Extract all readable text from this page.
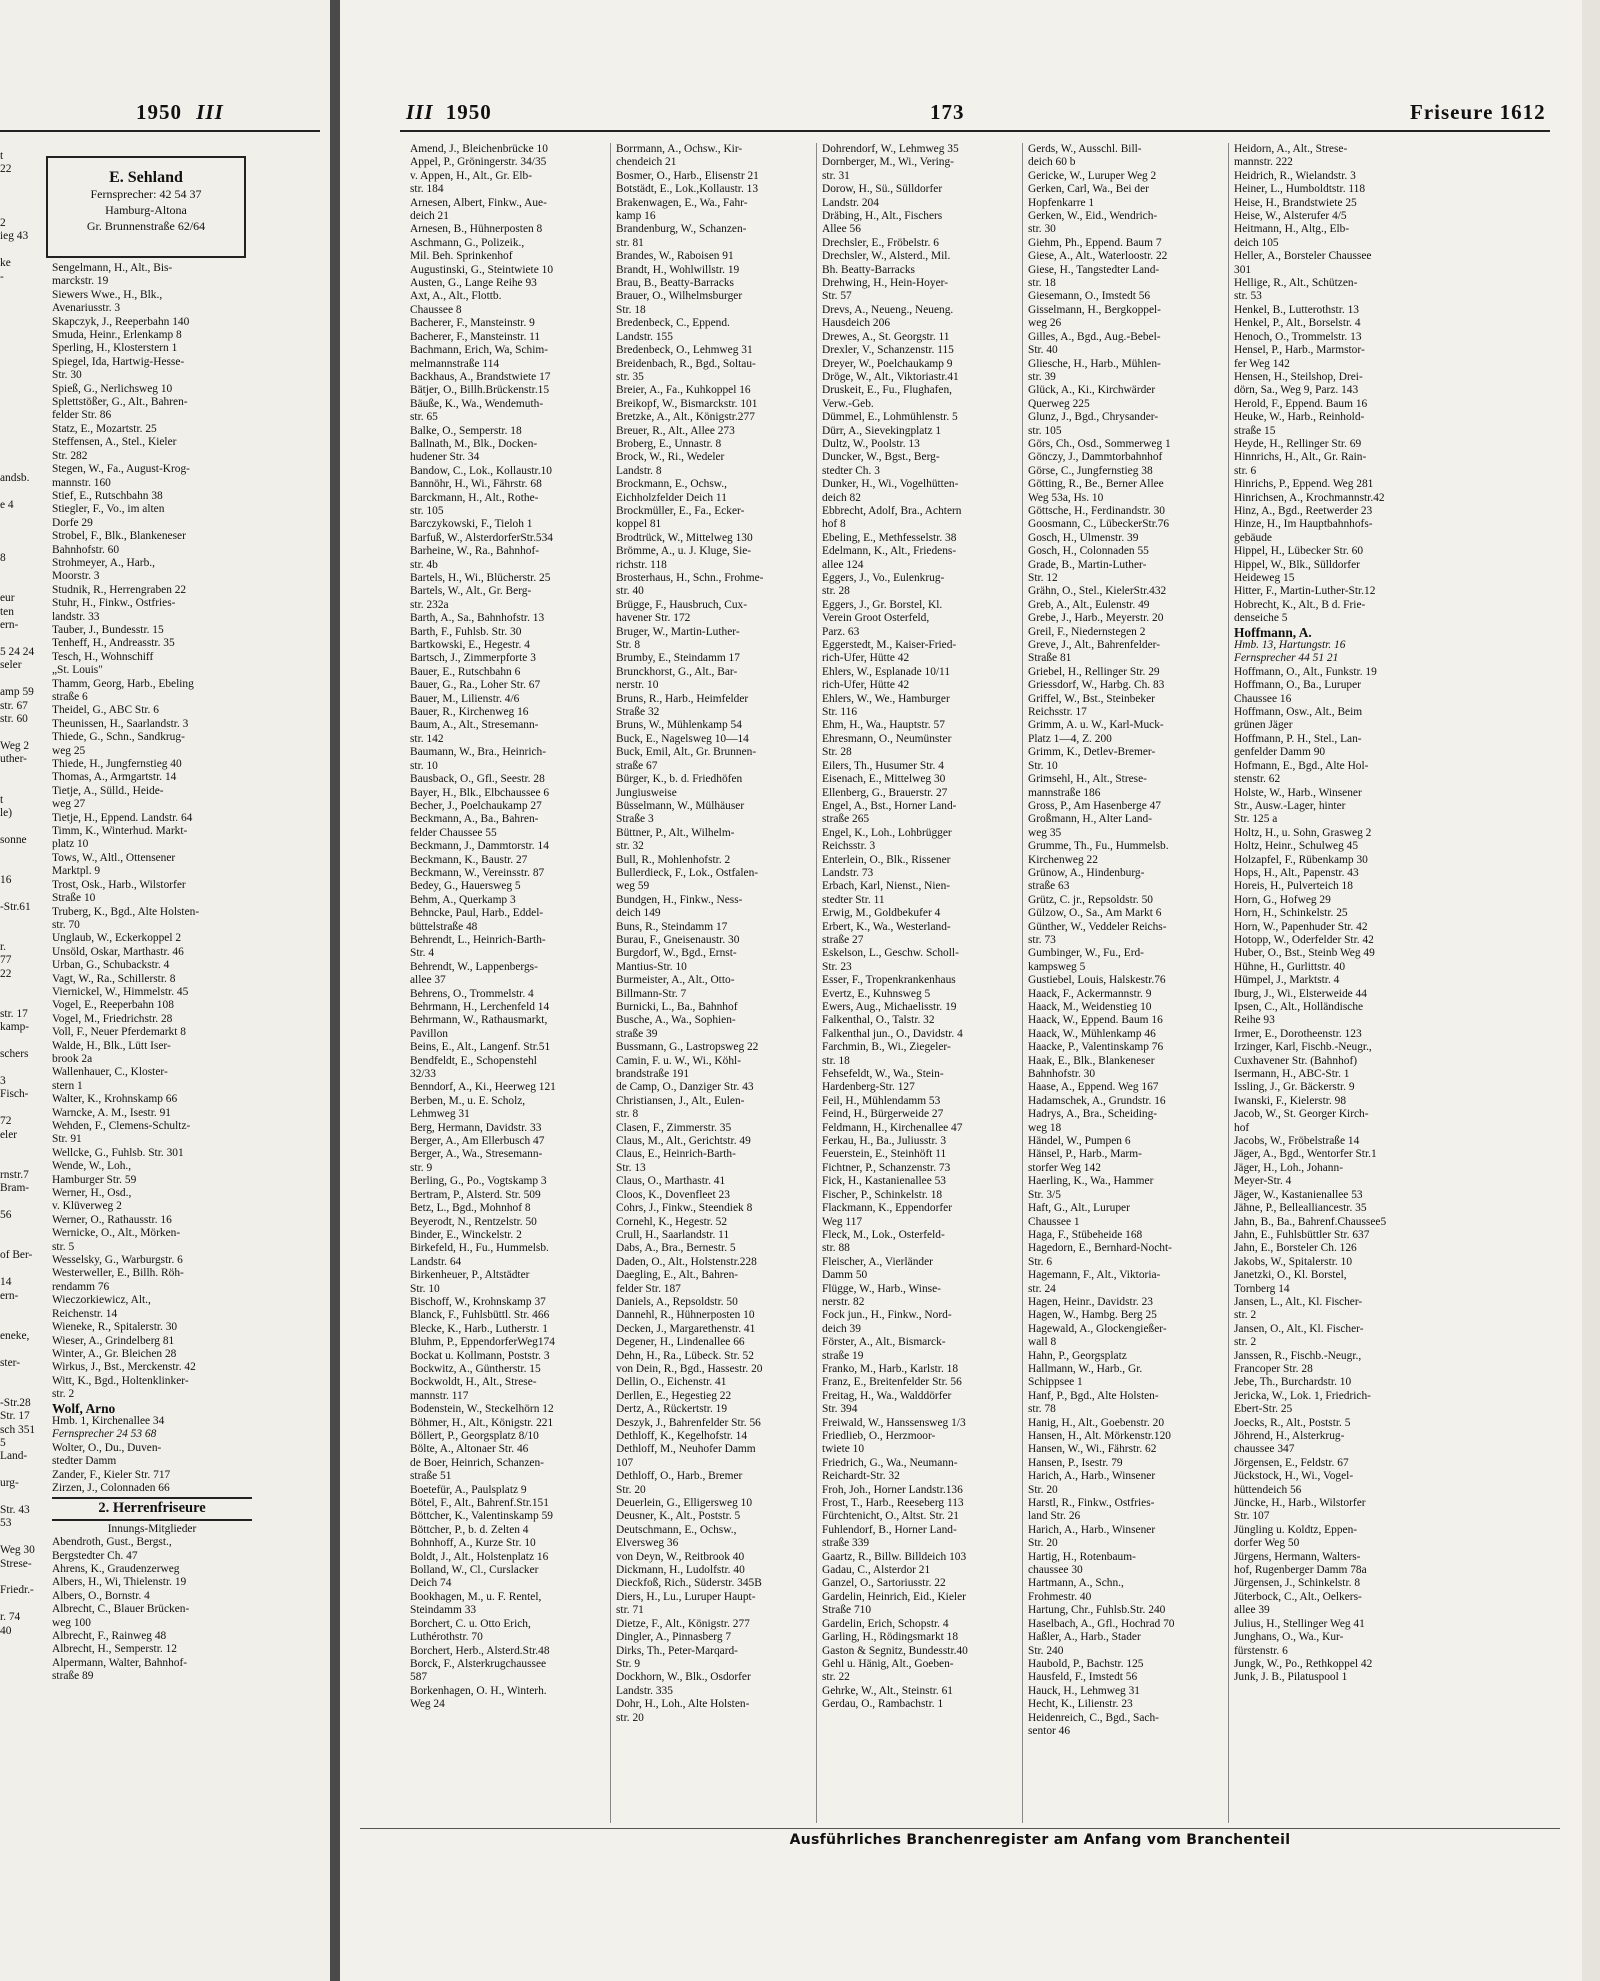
1950 III
t
22

2
ieg 43

ke
-

andsb.

e 4

8

eur
ten
ern-

5 24 24
seler

amp 59
str. 67
str. 60

Weg 2
uther-

t
le)

sonne

16

-Str.61

r.
77
22

str. 17
kamp-

schers

3
Fisch-

72
eler

rnstr.7
Bram-

56

of Ber-

14
ern-

eneke,

ster-

-Str.28
Str. 17
sch 351
5
Land-

urg-

Str. 43
53

Weg 30
Strese-

Friedr.-

r. 74
40
E. Sehland
Fernsprecher: 42 54 37
Hamburg-Altona
Gr. Brunnenstraße 62/64
Sengelmann, H., Alt., Bis-
marckstr. 19
Siewers Wwe., H., Blk.,
Avenariusstr. 3
Skapczyk, J., Reeperbahn 140
Smuda, Heinr., Erlenkamp 8
Sperling, H., Klosterstern 1
Spiegel, Ida, Hartwig-Hesse-
Str. 30
Spieß, G., Nerlichsweg 10
Splettstößer, G., Alt., Bahren-
felder Str. 86
Statz, E., Mozartstr. 25
Steffensen, A., Stel., Kieler
Str. 282
Stegen, W., Fa., August-Krog-
mannstr. 160
Stief, E., Rutschbahn 38
Stiegler, F., Vo., im alten
Dorfe 29
Strobel, F., Blk., Blankeneser
Bahnhofstr. 60
Strohmeyer, A., Harb.,
Moorstr. 3
Studnik, R., Herrengraben 22
Stuhr, H., Finkw., Ostfries-
landstr. 33
Tauber, J., Bundesstr. 15
Tenheff, H., Andreasstr. 35
Tesch, H., Wohnschiff
„St. Louis"
Thamm, Georg, Harb., Ebeling
straße 6
Theidel, G., ABC Str. 6
Theunissen, H., Saarlandstr. 3
Thiede, G., Schn., Sandkrug-
weg 25
Thiede, H., Jungfernstieg 40
Thomas, A., Armgartstr. 14
Tietje, A., Sülld., Heide-
weg 27
Tietje, H., Eppend. Landstr. 64
Timm, K., Winterhud. Markt-
platz 10
Tows, W., Altl., Ottensener
Marktpl. 9
Trost, Osk., Harb., Wilstorfer
Straße 10
Truberg, K., Bgd., Alte Holsten-
str. 70
Unglaub, W., Eckerkoppel 2
Unsöld, Oskar, Marthastr. 46
Urban, G., Schubackstr. 4
Vagt, W., Ra., Schillerstr. 8
Viernickel, W., Himmelstr. 45
Vogel, E., Reeperbahn 108
Vogel, M., Friedrichstr. 28
Voll, F., Neuer Pferdemarkt 8
Walde, H., Blk., Lütt Iser-
brook 2a
Wallenhauer, C., Kloster-
stern 1
Walter, K., Krohnskamp 66
Warncke, A. M., Isestr. 91
Wehden, F., Clemens-Schultz-
Str. 91
Wellcke, G., Fuhlsb. Str. 301
Wende, W., Loh.,
Hamburger Str. 59
Werner, H., Osd.,
v. Klüverweg 2
Werner, O., Rathausstr. 16
Wernicke, O., Alt., Mörken-
str. 5
Wesselsky, G., Warburgstr. 6
Westerweller, E., Billh. Röh-
rendamm 76
Wieczorkiewicz, Alt.,
Reichenstr. 14
Wieneke, R., Spitalerstr. 30
Wieser, A., Grindelberg 81
Winter, A., Gr. Bleichen 28
Wirkus, J., Bst., Merckenstr. 42
Witt, K., Bgd., Holtenklinker-
str. 2
Wolf, Arno
Hmb. 1, Kirchenallee 34
Fernsprecher 24 53 68
Wolter, O., Du., Duven-
stedter Damm
Zander, F., Kieler Str. 717
Zirzen, J., Colonnaden 66
2. Herrenfriseure
Innungs-Mitglieder
Abendroth, Gust., Bergst.,
Bergstedter Ch. 47
Ahrens, K., Graudenzerweg
Albers, H., Wi, Thielenstr. 19
Albers, O., Bornstr. 4
Albrecht, C., Blauer Brücken-
weg 100
Albrecht, F., Rainweg 48
Albrecht, H., Semperstr. 12
Alpermann, Walter, Bahnhof-
straße 89
III 1950	173	Friseure 1612
Amend, J., Bleichenbrücke 10
Appel, P., Gröningerstr. 34/35
v. Appen, H., Alt., Gr. Elb-
str. 184
Arnesen, Albert, Finkw., Aue-
deich 21
Arnesen, B., Hühnerposten 8
Aschmann, G., Polizeik.,
Mil. Beh. Sprinkenhof
Augustinski, G., Steintwiete 10
Austen, G., Lange Reihe 93
Axt, A., Alt., Flottb.
Chaussee 8
Bacherer, F., Mansteinstr. 9
Bacherer, F., Mansteinstr. 11
Bachmann, Erich, Wa, Schim-
melmannstraße 114
Backhaus, A., Brandstwiete 17
Bätjer, O., Billh.Brückenstr.15
Bäuße, K., Wa., Wendemuth-
str. 65
Balke, O., Semperstr. 18
Ballnath, M., Blk., Docken-
hudener Str. 34
Bandow, C., Lok., Kollaustr.10
Bannöhr, H., Wi., Fährstr. 68
Barckmann, H., Alt., Rothe-
str. 105
Barczykowski, F., Tieloh 1
Barfuß, W., AlsterdorferStr.534
Barheine, W., Ra., Bahnhof-
str. 4b
Bartels, H., Wi., Blücherstr. 25
Bartels, W., Alt., Gr. Berg-
str. 232a
Barth, A., Sa., Bahnhofstr. 13
Barth, F., Fuhlsb. Str. 30
Bartkowski, E., Hegestr. 4
Bartsch, J., Zimmerpforte 3
Bauer, E., Rutschbahn 6
Bauer, G., Ra., Loher Str. 67
Bauer, M., Lilienstr. 4/6
Bauer, R., Kirchenweg 16
Baum, A., Alt., Stresemann-
str. 142
Baumann, W., Bra., Heinrich-
str. 10
Bausback, O., Gfl., Seestr. 28
Bayer, H., Blk., Elbchaussee 6
Becher, J., Poelchaukamp 27
Beckmann, A., Ba., Bahren-
felder Chaussee 55
Beckmann, J., Dammtorstr. 14
Beckmann, K., Baustr. 27
Beckmann, W., Vereinsstr. 87
Bedey, G., Hauersweg 5
Behm, A., Querkamp 3
Behncke, Paul, Harb., Eddel-
büttelstraße 48
Behrendt, L., Heinrich-Barth-
Str. 4
Behrendt, W., Lappenbergs-
allee 37
Behrens, O., Trommelstr. 4
Behrmann, H., Lerchenfeld 14
Behrmann, W., Rathausmarkt,
Pavillon
Beins, E., Alt., Langenf. Str.51
Bendfeldt, E., Schopenstehl
32/33
Benndorf, A., Ki., Heerweg 121
Berben, M., u. E. Scholz,
Lehmweg 31
Berg, Hermann, Davidstr. 33
Berger, A., Am Ellerbusch 47
Berger, A., Wa., Stresemann-
str. 9
Berling, G., Po., Vogtskamp 3
Bertram, P., Alsterd. Str. 509
Betz, L., Bgd., Mohnhof 8
Beyerodt, N., Rentzelstr. 50
Binder, E., Winckelstr. 2
Birkefeld, H., Fu., Hummelsb.
Landstr. 64
Birkenheuer, P., Altstädter
Str. 10
Bischoff, W., Krohnskamp 37
Blanck, F., Fuhlsbüttl. Str. 466
Blecke, K., Harb., Lutherstr. 1
Bluhm, P., EppendorferWeg174
Bockat u. Kollmann, Poststr. 3
Bockwitz, A., Güntherstr. 15
Bockwoldt, H., Alt., Strese-
mannstr. 117
Bodenstein, W., Steckelhörn 12
Böhmer, H., Alt., Königstr. 221
Böllert, P., Georgsplatz 8/10
Bölte, A., Altonaer Str. 46
de Boer, Heinrich, Schanzen-
straße 51
Boetefür, A., Paulsplatz 9
Bötel, F., Alt., Bahrenf.Str.151
Böttcher, K., Valentinskamp 59
Böttcher, P., b. d. Zelten 4
Bohnhoff, A., Kurze Str. 10
Boldt, J., Alt., Holstenplatz 16
Bolland, W., Cl., Curslacker
Deich 74
Bookhagen, M., u. F. Rentel,
Steindamm 33
Borchert, C. u. Otto Erich,
Luthérothstr. 70
Borchert, Herb., Alsterd.Str.48
Borck, F., Alsterkrugchaussee
587
Borkenhagen, O. H., Winterh.
Weg 24
Borrmann, A., Ochsw., Kir-
chendeich 21
Bosmer, O., Harb., Elisenstr 21
Botstädt, E., Lok.,Kollaustr. 13
Brakenwagen, E., Wa., Fahr-
kamp 16
Brandenburg, W., Schanzen-
str. 81
Brandes, W., Raboisen 91
Brandt, H., Wohlwillstr. 19
Brau, B., Beatty-Barracks
Brauer, O., Wilhelmsburger
Str. 18
Bredenbeck, C., Eppend.
Landstr. 155
Bredenbeck, O., Lehmweg 31
Breidenbach, R., Bgd., Soltau-
str. 35
Breier, A., Fa., Kuhkoppel 16
Breikopf, W., Bismarckstr. 101
Bretzke, A., Alt., Königstr.277
Breuer, R., Alt., Allee 273
Broberg, E., Unnastr. 8
Brock, W., Ri., Wedeler
Landstr. 8
Brockmann, E., Ochsw.,
Eichholzfelder Deich 11
Brockmüller, E., Fa., Ecker-
koppel 81
Brodtrück, W., Mittelweg 130
Brömme, A., u. J. Kluge, Sie-
richstr. 118
Brosterhaus, H., Schn., Frohme-
str. 40
Brügge, F., Hausbruch, Cux-
havener Str. 172
Bruger, W., Martin-Luther-
Str. 8
Brumby, E., Steindamm 17
Brunckhorst, G., Alt., Bar-
nerstr. 10
Bruns, R., Harb., Heimfelder
Straße 32
Bruns, W., Mühlenkamp 54
Buck, E., Nagelsweg 10—14
Buck, Emil, Alt., Gr. Brunnen-
straße 67
Bürger, K., b. d. Friedhöfen
Jungiusweise
Büsselmann, W., Mülhäuser
Straße 3
Büttner, P., Alt., Wilhelm-
str. 32
Bull, R., Mohlenhofstr. 2
Bullerdieck, F., Lok., Ostfalen-
weg 59
Bundgen, H., Finkw., Ness-
deich 149
Buns, R., Steindamm 17
Burau, F., Gneisenaustr. 30
Burgdorf, W., Bgd., Ernst-
Mantius-Str. 10
Burmeister, A., Alt., Otto-
Billmann-Str. 7
Burnicki, L., Ba., Bahnhof
Busche, A., Wa., Sophien-
straße 39
Bussmann, G., Lastropsweg 22
Camin, F. u. W., Wi., Köhl-
brandstraße 191
de Camp, O., Danziger Str. 43
Christiansen, J., Alt., Eulen-
str. 8
Clasen, F., Zimmerstr. 35
Claus, M., Alt., Gerichtstr. 49
Claus, E., Heinrich-Barth-
Str. 13
Claus, O., Marthastr. 41
Cloos, K., Dovenfleet 23
Cohrs, J., Finkw., Steendiek 8
Cornehl, K., Hegestr. 52
Crull, H., Saarlandstr. 11
Dabs, A., Bra., Bernestr. 5
Daden, O., Alt., Holstenstr.228
Daegling, E., Alt., Bahren-
felder Str. 187
Daniels, A., Repsoldstr. 50
Dannehl, R., Hühnerposten 10
Decken, J., Margarethenstr. 41
Degener, H., Lindenallee 66
Dehn, H., Ra., Lübeck. Str. 52
von Dein, R., Bgd., Hassestr. 20
Dellin, O., Eichenstr. 41
Derllen, E., Hegestieg 22
Dertz, A., Rückertstr. 19
Deszyk, J., Bahrenfelder Str. 56
Dethloff, K., Kegelhofstr. 14
Dethloff, M., Neuhofer Damm
107
Dethloff, O., Harb., Bremer
Str. 20
Deuerlein, G., Elligersweg 10
Deusner, K., Alt., Poststr. 5
Deutschmann, E., Ochsw.,
Elversweg 36
von Deyn, W., Reitbrook 40
Dickmann, H., Ludolfstr. 40
Dieckfoß, Rich., Süderstr. 345B
Diers, H., Lu., Luruper Haupt-
str. 71
Dietze, F., Alt., Königstr. 277
Dingler, A., Pinnasberg 7
Dirks, Th., Peter-Marqard-
Str. 9
Dockhorn, W., Blk., Osdorfer
Landstr. 335
Dohr, H., Loh., Alte Holsten-
str. 20
Dohrendorf, W., Lehmweg 35
Dornberger, M., Wi., Vering-
str. 31
Dorow, H., Sü., Sülldorfer
Landstr. 204
Dräbing, H., Alt., Fischers
Allee 56
Drechsler, E., Fröbelstr. 6
Drechsler, W., Alsterd., Mil.
Bh. Beatty-Barracks
Drehwing, H., Hein-Hoyer-
Str. 57
Drevs, A., Neueng., Neueng.
Hausdeich 206
Drewes, A., St. Georgstr. 11
Drexler, V., Schanzenstr. 115
Dreyer, W., Poelchaukamp 9
Dröge, W., Alt., Viktoriastr.41
Druskeit, E., Fu., Flughafen,
Verw.-Geb.
Dümmel, E., Lohmühlenstr. 5
Dürr, A., Sievekingplatz 1
Dultz, W., Poolstr. 13
Duncker, W., Bgst., Berg-
stedter Ch. 3
Dunker, H., Wi., Vogelhütten-
deich 82
Ebbrecht, Adolf, Bra., Achtern
hof 8
Ebeling, E., Methfesselstr. 38
Edelmann, K., Alt., Friedens-
allee 124
Eggers, J., Vo., Eulenkrug-
str. 28
Eggers, J., Gr. Borstel, Kl.
Verein Groot Osterfeld,
Parz. 63
Eggerstedt, M., Kaiser-Fried-
rich-Ufer, Hütte 42
Ehlers, W., Esplanade 10/11
rich-Ufer, Hütte 42
Ehlers, W., We., Hamburger
Str. 116
Ehm, H., Wa., Hauptstr. 57
Ehresmann, O., Neumünster
Str. 28
Eilers, Th., Husumer Str. 4
Eisenach, E., Mittelweg 30
Ellenberg, G., Brauerstr. 27
Engel, A., Bst., Horner Land-
straße 265
Engel, K., Loh., Lohbrügger
Reichsstr. 3
Enterlein, O., Blk., Rissener
Landstr. 73
Erbach, Karl, Nienst., Nien-
stedter Str. 11
Erwig, M., Goldbekufer 4
Erbert, K., Wa., Westerland-
straße 27
Eskelson, L., Geschw. Scholl-
Str. 23
Esser, F., Tropenkrankenhaus
Evertz, E., Kuhnsweg 5
Ewers, Aug., Michaelisstr. 19
Falkenthal, O., Talstr. 32
Falkenthal jun., O., Davidstr. 4
Farchmin, B., Wi., Ziegeler-
str. 18
Fehsefeldt, W., Wa., Stein-
Hardenberg-Str. 127
Feil, H., Mühlendamm 53
Feind, H., Bürgerweide 27
Feldmann, H., Kirchenallee 47
Ferkau, H., Ba., Juliusstr. 3
Feuerstein, E., Steinhöft 11
Fichtner, P., Schanzenstr. 73
Fick, H., Kastanienallee 53
Fischer, P., Schinkelstr. 18
Flackmann, K., Eppendorfer
Weg 117
Fleck, M., Lok., Osterfeld-
str. 88
Fleischer, A., Vierländer
Damm 50
Flügge, W., Harb., Winse-
nerstr. 82
Fock jun., H., Finkw., Nord-
deich 39
Förster, A., Alt., Bismarck-
straße 19
Franko, M., Harb., Karlstr. 18
Franz, E., Breitenfelder Str. 56
Freitag, H., Wa., Walddörfer
Str. 394
Freiwald, W., Hanssensweg 1/3
Friedlieb, O., Herzmoor-
twiete 10
Friedrich, G., Wa., Neumann-
Reichardt-Str. 32
Froh, Joh., Horner Landstr.136
Frost, T., Harb., Reeseberg 113
Fürchtenicht, O., Altst. Str. 21
Fuhlendorf, B., Horner Land-
straße 339
Gaartz, R., Billw. Billdeich 103
Gadau, C., Alsterdor 21
Ganzel, O., Sartoriusstr. 22
Gardelin, Heinrich, Eid., Kieler
Straße 710
Gardelin, Erich, Schopstr. 4
Garling, H., Rödingsmarkt 18
Gaston & Segnitz, Bundesstr.40
Gehl u. Hänig, Alt., Goeben-
str. 22
Gehrke, W., Alt., Steinstr. 61
Gerdau, O., Rambachstr. 1
Gerds, W., Ausschl. Bill-
deich 60 b
Gericke, W., Luruper Weg 2
Gerken, Carl, Wa., Bei der
Hopfenkarre 1
Gerken, W., Eid., Wendrich-
str. 30
Giehm, Ph., Eppend. Baum 7
Giese, A., Alt., Waterloostr. 22
Giese, H., Tangstedter Land-
str. 18
Giesemann, O., Imstedt 56
Gisselmann, H., Bergkoppel-
weg 26
Gilles, A., Bgd., Aug.-Bebel-
Str. 40
Gliesche, H., Harb., Mühlen-
str. 39
Glück, A., Ki., Kirchwärder
Querweg 225
Glunz, J., Bgd., Chrysander-
str. 105
Görs, Ch., Osd., Sommerweg 1
Gönczy, J., Dammtorbahnhof
Görse, C., Jungfernstieg 38
Götting, R., Be., Berner Allee
Weg 53a, Hs. 10
Göttsche, H., Ferdinandstr. 30
Goosmann, C., LübeckerStr.76
Gosch, H., Ulmenstr. 39
Gosch, H., Colonnaden 55
Grade, B., Martin-Luther-
Str. 12
Grähn, O., Stel., KielerStr.432
Greb, A., Alt., Eulenstr. 49
Grebe, J., Harb., Meyerstr. 20
Greil, F., Niedernstegen 2
Greve, J., Alt., Bahrenfelder-
Straße 81
Griebel, H., Rellinger Str. 29
Griessdorf, W., Harbg. Ch. 83
Griffel, W., Bst., Steinbeker
Reichsstr. 17
Grimm, A. u. W., Karl-Muck-
Platz 1—4, Z. 200
Grimm, K., Detlev-Bremer-
Str. 10
Grimsehl, H., Alt., Strese-
mannstraße 186
Gross, P., Am Hasenberge 47
Großmann, H., Alter Land-
weg 35
Grumme, Th., Fu., Hummelsb.
Kirchenweg 22
Grünow, A., Hindenburg-
straße 63
Grütz, C. jr., Repsoldstr. 50
Gülzow, O., Sa., Am Markt 6
Günther, W., Veddeler Reichs-
str. 73
Gumbinger, W., Fu., Erd-
kampsweg 5
Gustiebel, Louis, Halskestr.76
Haack, F., Ackermannstr. 9
Haack, M., Weidenstieg 10
Haack, W., Eppend. Baum 16
Haack, W., Mühlenkamp 46
Haacke, P., Valentinskamp 76
Haak, E., Blk., Blankeneser
Bahnhofstr. 30
Haase, A., Eppend. Weg 167
Hadamschek, A., Grundstr. 16
Hadrys, A., Bra., Scheiding-
weg 18
Händel, W., Pumpen 6
Hänsel, P., Harb., Marm-
storfer Weg 142
Haerling, K., Wa., Hammer
Str. 3/5
Haft, G., Alt., Luruper
Chaussee 1
Haga, F., Stübeheide 168
Hagedorn, E., Bernhard-Nocht-
Str. 6
Hagemann, F., Alt., Viktoria-
str. 24
Hagen, Heinr., Davidstr. 23
Hagen, W., Hambg. Berg 25
Hagewald, A., Glockengießer-
wall 8
Hahn, P., Georgsplatz
Hallmann, W., Harb., Gr.
Schippsee 1
Hanf, P., Bgd., Alte Holsten-
str. 78
Hanig, H., Alt., Goebenstr. 20
Hansen, H., Alt. Mörkenstr.120
Hansen, W., Wi., Fährstr. 62
Hansen, P., Isestr. 79
Harich, A., Harb., Winsener
Str. 20
Harstl, R., Finkw., Ostfries-
land Str. 26
Harich, A., Harb., Winsener
Str. 20
Hartig, H., Rotenbaum-
chaussee 30
Hartmann, A., Schn.,
Frohmestr. 40
Hartung, Chr., Fuhlsb.Str. 240
Haselbach, A., Gfl., Hochrad 70
Haßler, A., Harb., Stader
Str. 240
Haubold, P., Bachstr. 125
Hausfeld, F., Imstedt 56
Hauck, H., Lehmweg 31
Hecht, K., Lilienstr. 23
Heidenreich, C., Bgd., Sach-
sentor 46
Heidorn, A., Alt., Strese-
mannstr. 222
Heidrich, R., Wielandstr. 3
Heiner, L., Humboldtstr. 118
Heise, H., Brandstwiete 25
Heise, W., Alsterufer 4/5
Heitmann, H., Altg., Elb-
deich 105
Heller, A., Borsteler Chaussee
301
Hellige, R., Alt., Schützen-
str. 53
Henkel, B., Lutterothstr. 13
Henkel, P., Alt., Borselstr. 4
Henoch, O., Trommelstr. 13
Hensel, P., Harb., Marmstor-
fer Weg 142
Hensen, H., Steilshop, Drei-
dörn, Sa., Weg 9, Parz. 143
Herold, F., Eppend. Baum 16
Heuke, W., Harb., Reinhold-
straße 15
Heyde, H., Rellinger Str. 69
Hinnrichs, H., Alt., Gr. Rain-
str. 6
Hinrichs, P., Eppend. Weg 281
Hinrichsen, A., Krochmannstr.42
Hinz, A., Bgd., Reetwerder 23
Hinze, H., Im Hauptbahnhofs-
gebäude
Hippel, H., Lübecker Str. 60
Hippel, W., Blk., Sülldorfer
Heideweg 15
Hitter, F., Martin-Luther-Str.12
Hobrecht, K., Alt., B d. Frie-
denseiche 5
Hoffmann, A.
Hmb. 13, Hartungstr. 16
Fernsprecher 44 51 21
Hoffmann, O., Alt., Funkstr. 19
Hoffmann, O., Ba., Luruper
Chaussee 16
Hoffmann, Osw., Alt., Beim
grünen Jäger
Hoffmann, P. H., Stel., Lan-
genfelder Damm 90
Hofmann, E., Bgd., Alte Hol-
stenstr. 62
Holste, W., Harb., Winsener
Str., Ausw.-Lager, hinter
Str. 125 a
Holtz, H., u. Sohn, Grasweg 2
Holtz, Heinr., Schulweg 45
Holzapfel, F., Rübenkamp 30
Hops, H., Alt., Papenstr. 43
Horeis, H., Pulverteich 18
Horn, G., Hofweg 29
Horn, H., Schinkelstr. 25
Horn, W., Papenhuder Str. 42
Hotopp, W., Oderfelder Str. 42
Huber, O., Bst., Steinb Weg 49
Hühne, H., Gurlittstr. 40
Hümpel, J., Marktstr. 4
Iburg, J., Wi., Elsterweide 44
Ipsen, C., Alt., Holländische
Reihe 93
Irmer, E., Dorotheenstr. 123
Irzinger, Karl, Fischb.-Neugr.,
Cuxhavener Str. (Bahnhof)
Isermann, H., ABC-Str. 1
Issling, J., Gr. Bäckerstr. 9
Iwanski, F., Kielerstr. 98
Jacob, W., St. Georger Kirch-
hof
Jacobs, W., Fröbelstraße 14
Jäger, A., Bgd., Wentorfer Str.1
Jäger, H., Loh., Johann-
Meyer-Str. 4
Jäger, W., Kastanienallee 53
Jähne, P., Bellealliancestr. 35
Jahn, B., Ba., Bahrenf.Chaussee5
Jahn, E., Fuhlsbüttler Str. 637
Jahn, E., Borsteler Ch. 126
Jakobs, W., Spitalerstr. 10
Janetzki, O., Kl. Borstel,
Tornberg 14
Jansen, L., Alt., Kl. Fischer-
str. 2
Jansen, O., Alt., Kl. Fischer-
str. 2
Janssen, R., Fischb.-Neugr.,
Francoper Str. 28
Jebe, Th., Burchardstr. 10
Jericka, W., Lok. 1, Friedrich-
Ebert-Str. 25
Joecks, R., Alt., Poststr. 5
Jöhrend, H., Alsterkrug-
chaussee 347
Jörgensen, E., Feldstr. 67
Jückstock, H., Wi., Vogel-
hüttendeich 56
Jüncke, H., Harb., Wilstorfer
Str. 107
Jüngling u. Koldtz, Eppen-
dorfer Weg 50
Jürgens, Hermann, Walters-
hof, Rugenberger Damm 78a
Jürgensen, J., Schinkelstr. 8
Jüterbock, C., Alt., Oelkers-
allee 39
Julius, H., Stellinger Weg 41
Junghans, O., Wa., Kur-
fürstenstr. 6
Jungk, W., Po., Rethkoppel 42
Junk, J. B., Pilatuspool 1
Ausführliches Branchenregister am Anfang vom Branchenteil
